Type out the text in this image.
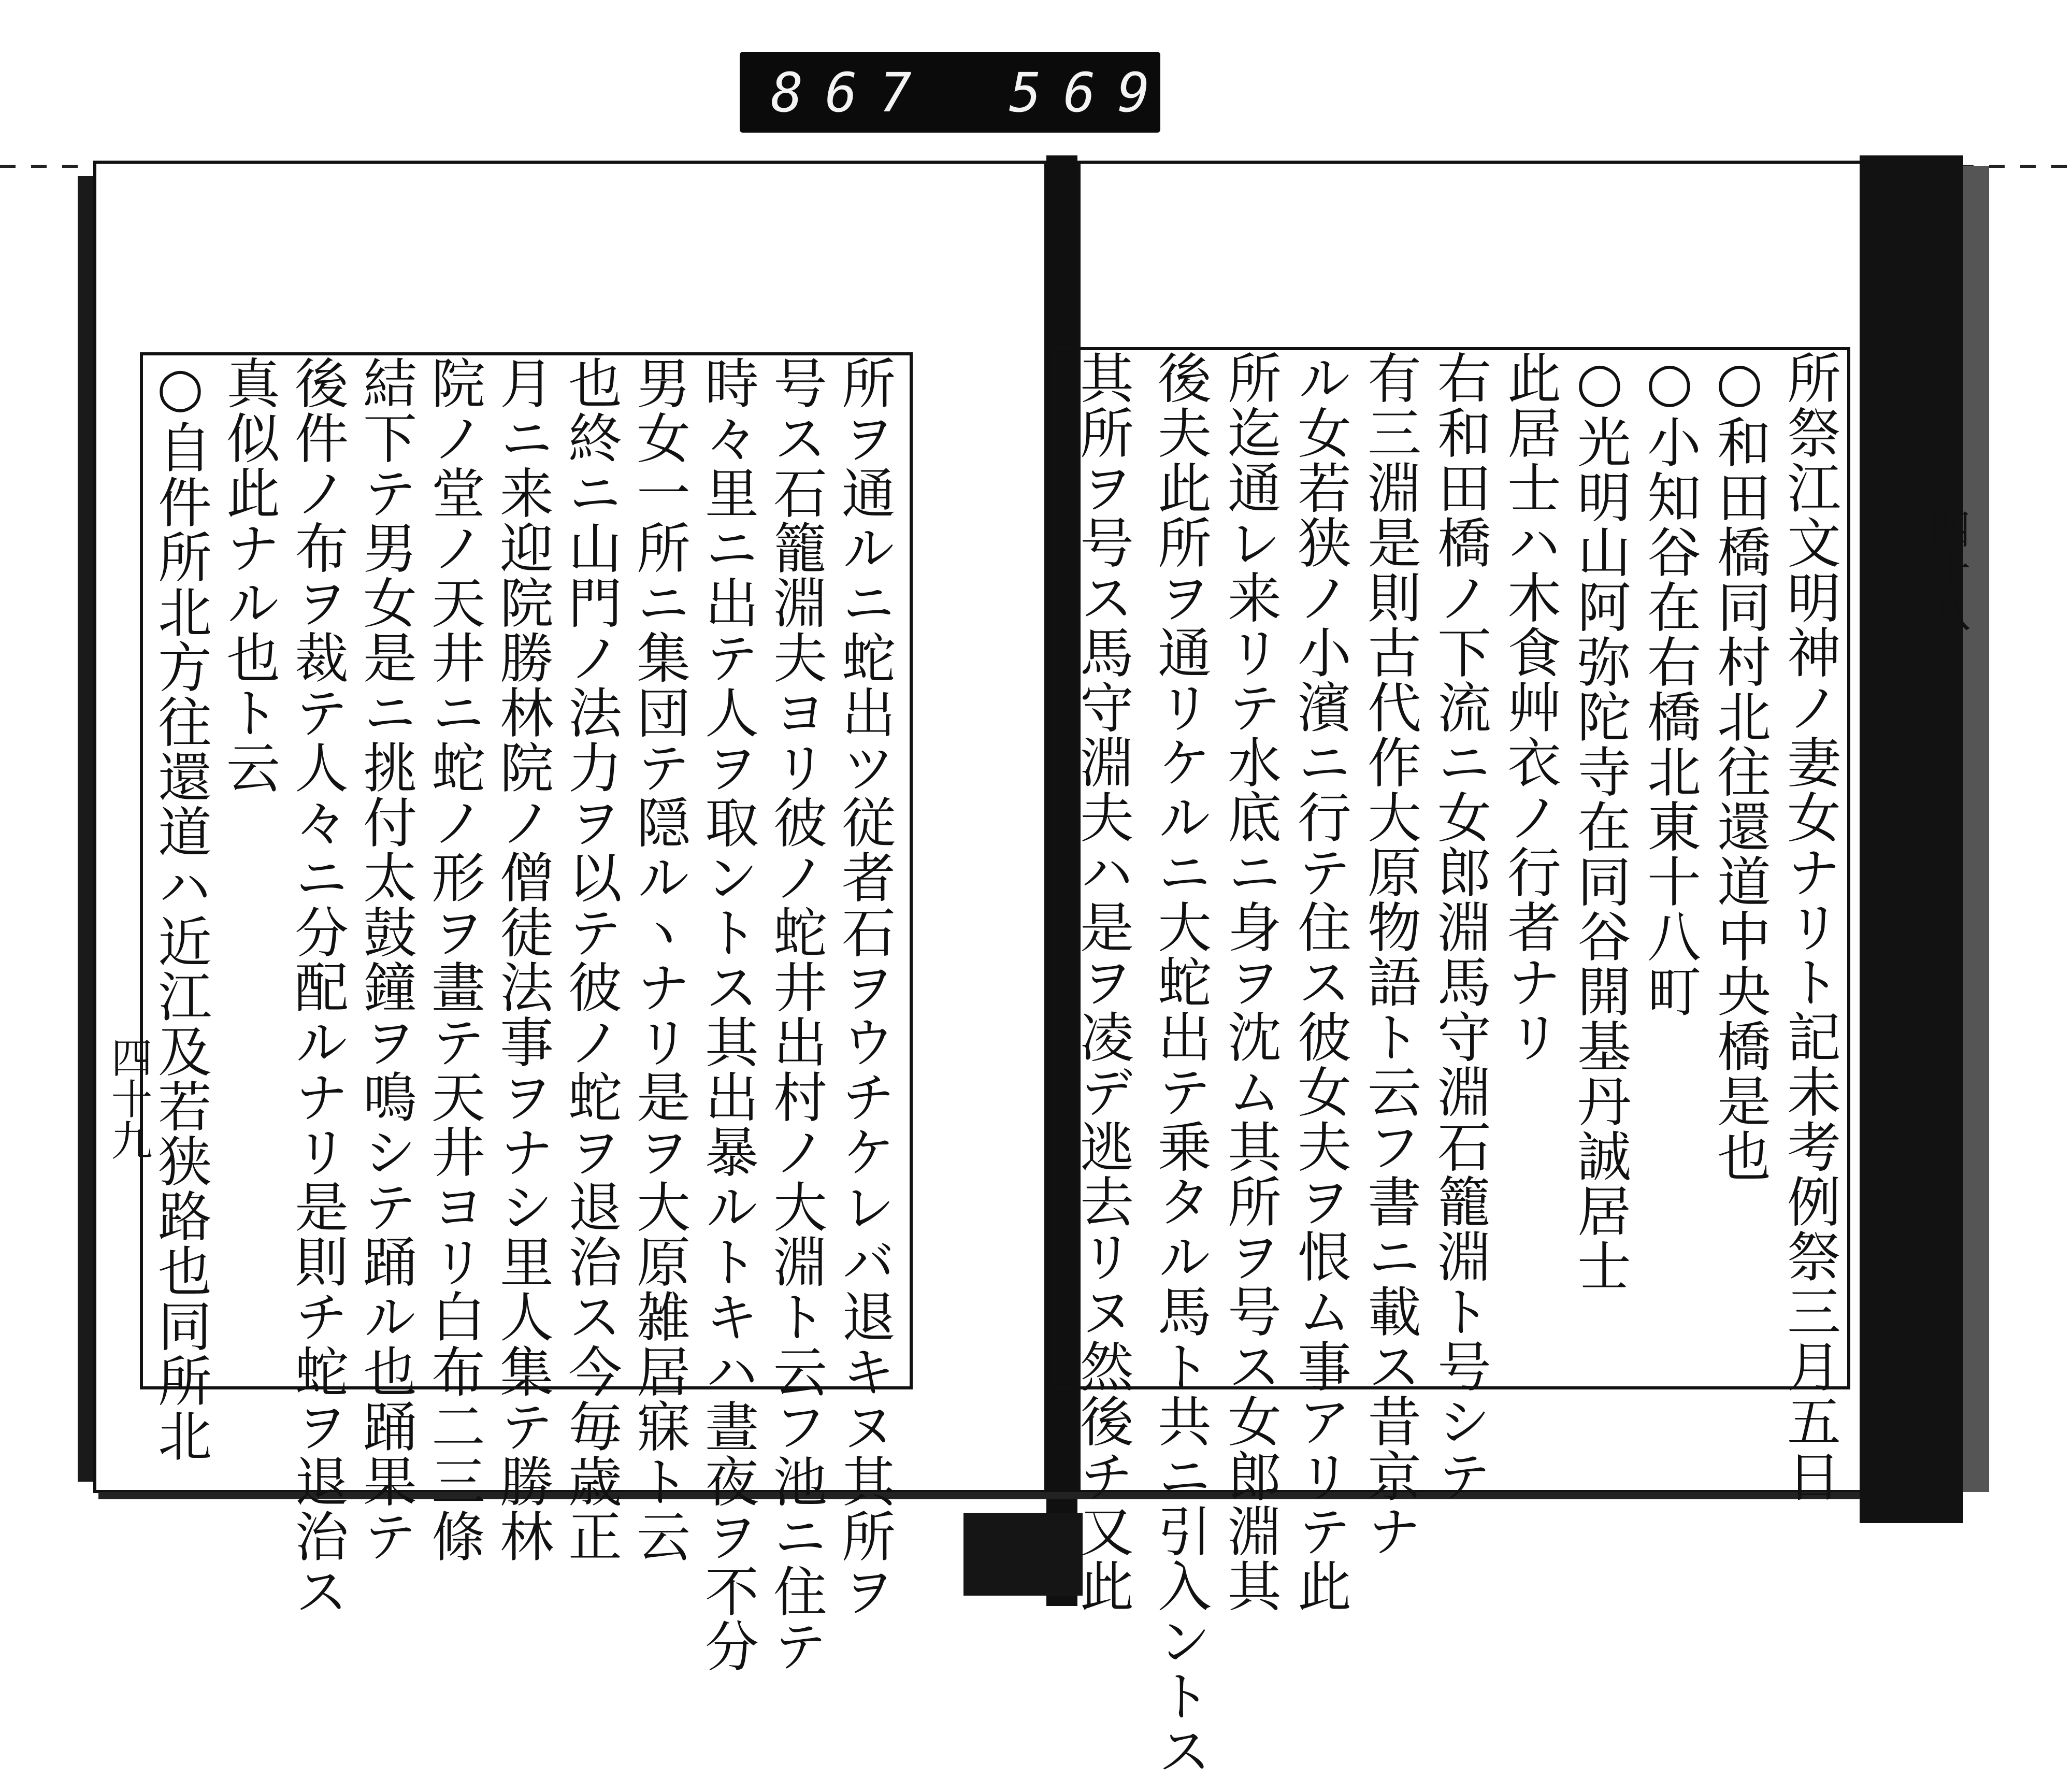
867 569
所祭江文明神ノ妻女ナリト記未考例祭三月五日
○和田橋同村北往還道中央橋是也
○小知谷在右橋北東十八町
○光明山阿弥陀寺在同谷開基丹誠居士
此居士ハ木食艸衣ノ行者ナリ
右和田橋ノ下流ニ女郎淵馬守淵石籠淵ト号シテ
有三淵是則古代作大原物語ト云フ書ニ載ス昔京ナ
ル女若狭ノ小濱ニ行テ住ス彼女夫ヲ恨ム事アリテ此
所迄通レ来リテ水底ニ身ヲ沈ム其所ヲ号ス女郎淵其
後夫此所ヲ通リケルニ大蛇出テ乗タル馬ト共ニ引入ントス
其所ヲ号ス馬守淵夫ハ是ヲ凌デ逃去リヌ然後チ又此
所ヲ通ルニ蛇出ツ従者石ヲウチケレバ退キヌ其所ヲ
号ス石籠淵夫ヨリ彼ノ蛇井出村ノ大淵ト云フ池ニ住テ
時々里ニ出テ人ヲ取ントス其出暴ルトキハ晝夜ヲ不分
男女一所ニ集団テ隠ルヽナリ是ヲ大原雑居寐ト云
也終ニ山門ノ法力ヲ以テ彼ノ蛇ヲ退治ス今毎歳正
月ニ来迎院勝林院ノ僧徒法事ヲナシ里人集テ勝林
院ノ堂ノ天井ニ蛇ノ形ヲ畫テ天井ヨリ白布二三條
結下テ男女是ニ挑付太鼓鐘ヲ鳴シテ踊ル也踊果テ
後件ノ布ヲ裁テ人々ニ分配ルナリ是則チ蛇ヲ退治ス
真似此ナル也ト云
○自件所北方往還道ハ近江及若狭路也同所北
四十九
四十八
